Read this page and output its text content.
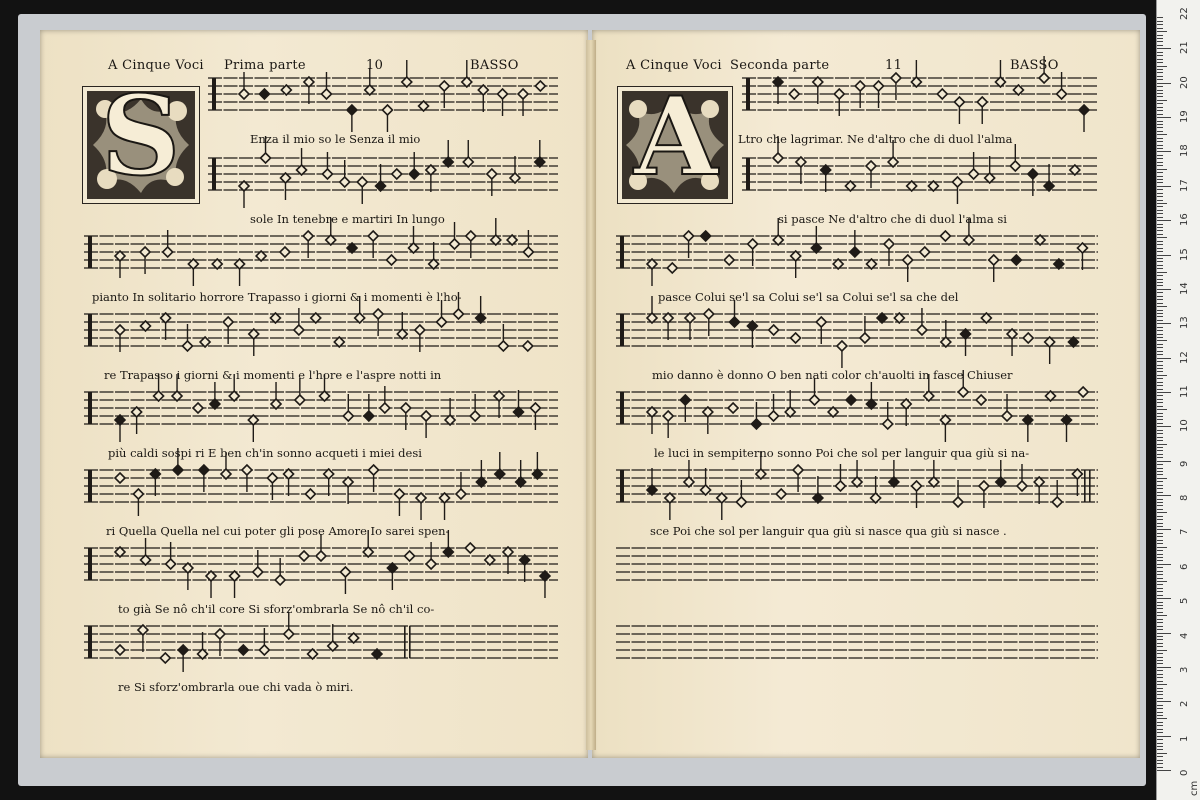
A Cinque Voci Prima parte	10	BASSO	A Cinque Voci Seconda parte	11	BASSO
S	A
Enza il mio so le Senza il mio
sole In tenebre e martiri In lungo
pianto In solitario horrore Trapasso i giorni & i momenti è l'ho-
re Trapasso i giorni & i momenti e l'hore e l'aspre notti in
più caldi sospi ri E ben ch'in sonno acqueti i miei desi
ri Quella Quella nel cui poter gli pose Amore Io sarei spen-
to già Se nô ch'il core Si sforz'ombrarla Se nô ch'il co-
re Si sforz'ombrarla oue chi vada ò miri.
Ltro che lagrimar. Ne d'altro che di duol l'alma
si pasce Ne d'altro che di duol l'alma si
pasce Colui se'l sa Colui se'l sa Colui se'l sa che del
mio danno è donno O ben nati color ch'auolti in fasce Chiuser
le luci in sempiterno sonno Poi che sol per languir qua giù si na-
sce Poi che sol per languir qua giù si nasce qua giù si nasce .
0
1
2
3
4
5
6
7
8
9
10
11
12
13
14
15
16
17
18
19
20
21
22
cm
